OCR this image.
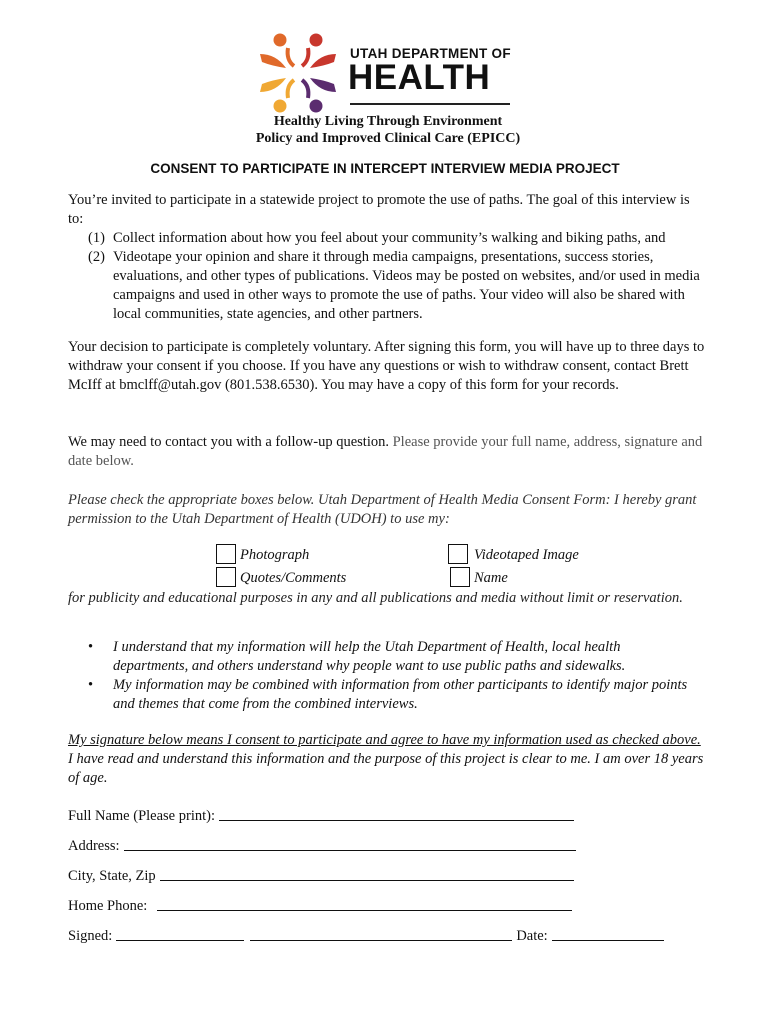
UTAH DEPARTMENT OF
HEALTH
Healthy Living Through Environment
Policy and Improved Clinical Care (EPICC)
CONSENT TO PARTICIPATE IN INTERCEPT INTERVIEW MEDIA PROJECT

You’re invited to participate in a statewide project to promote the use of paths. The goal of this interview is to:

(1) Collect information about how you feel about your community’s walking and biking paths, and
(2) Videotape your opinion and share it through media campaigns, presentations, success stories, evaluations, and other types of publications. Videos may be posted on websites, and/or used in media campaigns and used in other ways to promote the use of paths. Your video will also be shared with local communities, state agencies, and other partners.

Your decision to participate is completely voluntary. After signing this form, you will have up to three days to withdraw your consent if you choose. If you have any questions or wish to withdraw consent, contact Brett McIff at bmclff@utah.gov (801.538.6530). You may have a copy of this form for your records.

We may need to contact you with a follow-up question. Please provide your full name, address, signature and date below.

Please check the appropriate boxes below. Utah Department of Health Media Consent Form: I hereby grant permission to the Utah Department of Health (UDOH) to use my:

Photograph	Videotaped Image
Quotes/Comments	Name

for publicity and educational purposes in any and all publications and media without limit or reservation.

• I understand that my information will help the Utah Department of Health, local health departments, and others understand why people want to use public paths and sidewalks.
• My information may be combined with information from other participants to identify major points and themes that come from the combined interviews.

My signature below means I consent to participate and agree to have my information used as checked above. I have read and understand this information and the purpose of this project is clear to me. I am over 18 years of age.

Full Name (Please print):
Address:
City, State, Zip
Home Phone:
Signed:	Date:
